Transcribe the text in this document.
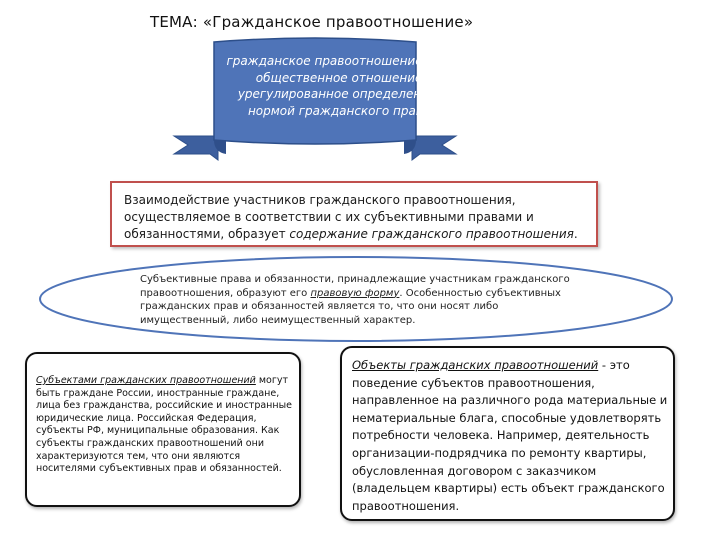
ТЕМА: «Гражданское правоотношение»
гражданское правоотношение - это
общественное отношение,
урегулированное определенной
нормой гражданского права.
Взаимодействие участников гражданского правоотношения, осуществляемое в соответствии с их субъективными правами и обязанностями, образует содержание гражданского правоотношения.
Субъективные права и обязанности, принадлежащие участникам гражданского правоотношения, образуют его правовую форму. Особенностью субъективных гражданских прав и обязанностей является то, что они носят либо имущественный, либо неимущественный характер.
Субъектами гражданских правоотношений могут быть граждане России, иностранные граждане, лица без гражданства, российские и иностранные юридические лица. Российская Федерация, субъекты РФ, муниципальные образования. Как субъекты гражданских правоотношений они характеризуются тем, что они являются носителями субъективных прав и обязанностей.
Объекты гражданских правоотношений - это поведение субъектов правоотношения, направленное на различного рода материальные и нематериальные блага, способные удовлетворять потребности человека. Например, деятельность организации-подрядчика по ремонту квартиры, обусловленная договором с заказчиком (владельцем квартиры) есть объект гражданского правоотношения.
